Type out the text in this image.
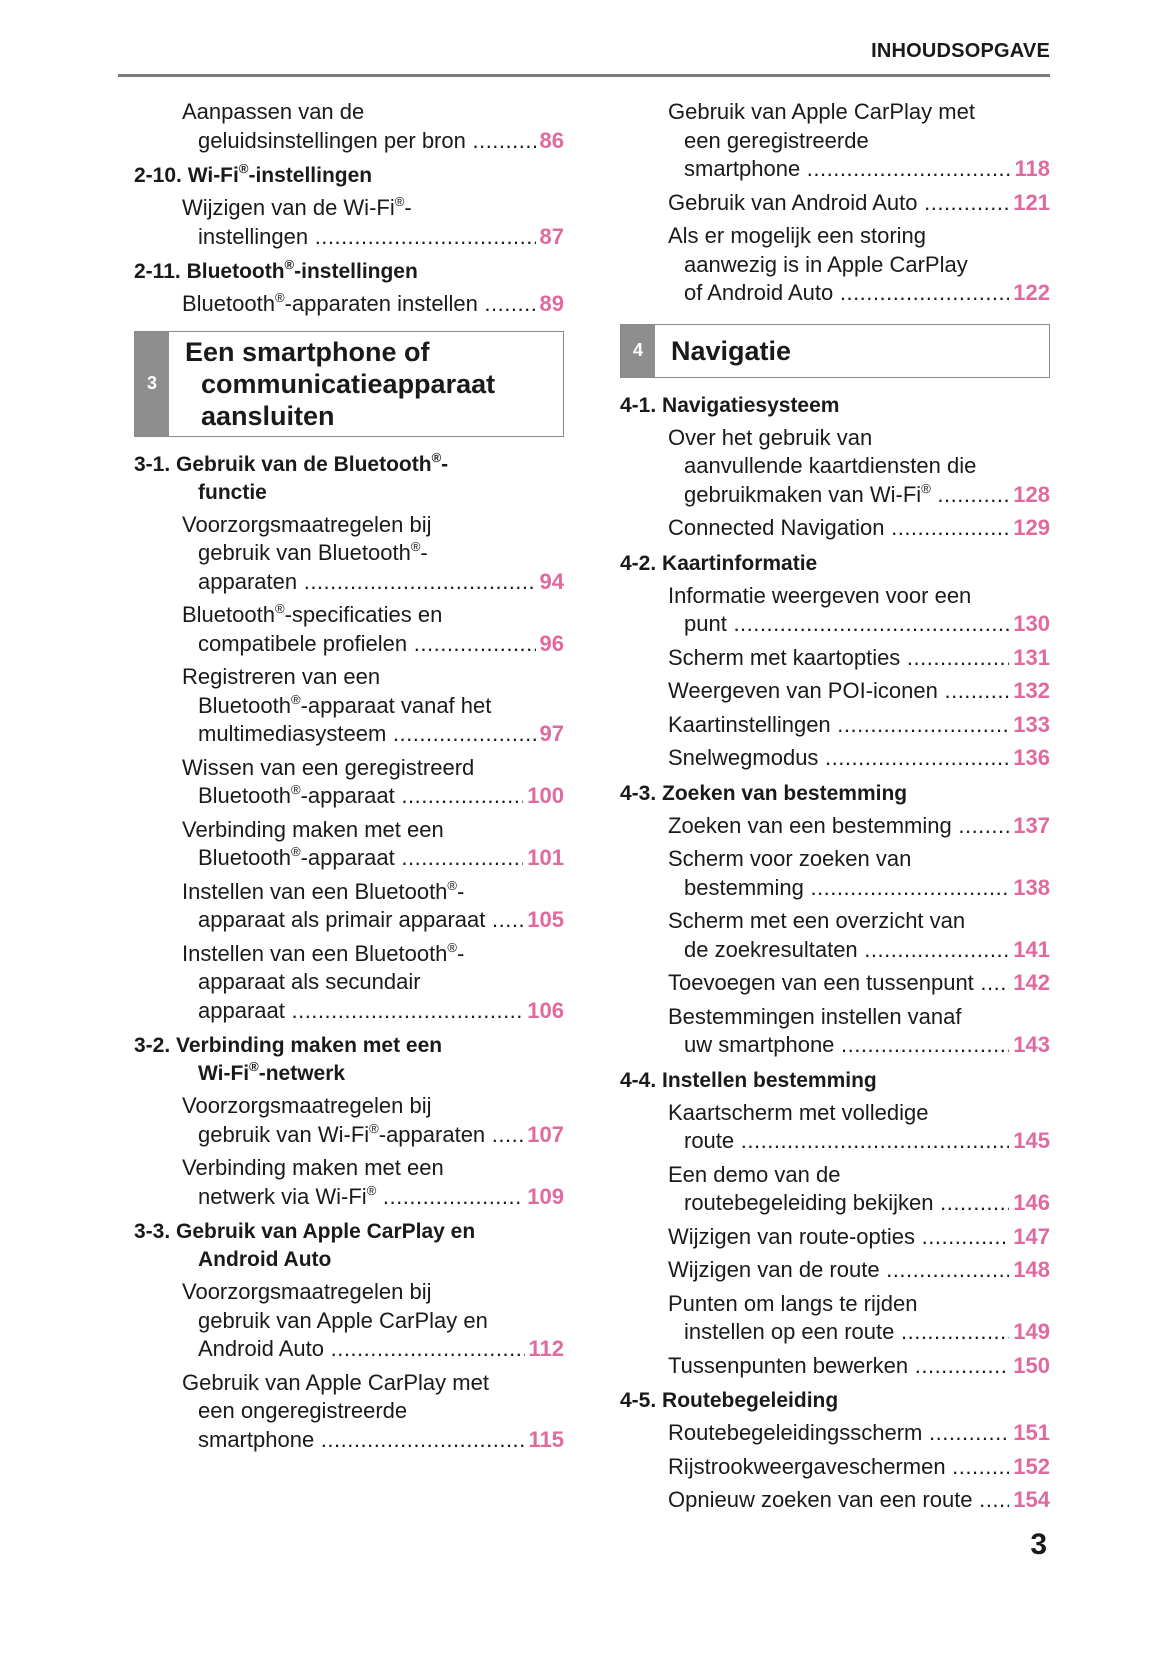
INHOUDSOPGAVE
Aanpassen van de
geluidsinstellingen per bron .....	86
2-10. Wi-Fi®-instellingen
Wijzigen van de Wi-Fi®-
instellingen .....	87
2-11. Bluetooth®-instellingen
Bluetooth®-apparaten instellen .....	89
3
Een smartphone of
communicatieapparaat
aansluiten
3-1. Gebruik van de Bluetooth®-
functie
Voorzorgsmaatregelen bij
gebruik van Bluetooth®-
apparaten .....	94
Bluetooth®-specificaties en
compatibele profielen .....	96
Registreren van een
Bluetooth®-apparaat vanaf het
multimediasysteem .....	97
Wissen van een geregistreerd
Bluetooth®-apparaat .....	100
Verbinding maken met een
Bluetooth®-apparaat .....	101
Instellen van een Bluetooth®-
apparaat als primair apparaat .....	105
Instellen van een Bluetooth®-
apparaat als secundair
apparaat .....	106
3-2. Verbinding maken met een
Wi-Fi®-netwerk
Voorzorgsmaatregelen bij
gebruik van Wi-Fi®-apparaten .....	107
Verbinding maken met een
netwerk via Wi-Fi® .....	109
3-3. Gebruik van Apple CarPlay en
Android Auto
Voorzorgsmaatregelen bij
gebruik van Apple CarPlay en
Android Auto .....	112
Gebruik van Apple CarPlay met
een ongeregistreerde
smartphone .....	115
Gebruik van Apple CarPlay met
een geregistreerde
smartphone .....	118
Gebruik van Android Auto .....	121
Als er mogelijk een storing
aanwezig is in Apple CarPlay
of Android Auto .....	122
4	Navigatie
4-1. Navigatiesysteem
Over het gebruik van
aanvullende kaartdiensten die
gebruikmaken van Wi-Fi® .....	128
Connected Navigation .....	129
4-2. Kaartinformatie
Informatie weergeven voor een
punt .....	130
Scherm met kaartopties .....	131
Weergeven van POI-iconen .....	132
Kaartinstellingen .....	133
Snelwegmodus .....	136
4-3. Zoeken van bestemming
Zoeken van een bestemming .....	137
Scherm voor zoeken van
bestemming .....	138
Scherm met een overzicht van
de zoekresultaten .....	141
Toevoegen van een tussenpunt .....	142
Bestemmingen instellen vanaf
uw smartphone .....	143
4-4. Instellen bestemming
Kaartscherm met volledige
route .....	145
Een demo van de
routebegeleiding bekijken .....	146
Wijzigen van route-opties .....	147
Wijzigen van de route .....	148
Punten om langs te rijden
instellen op een route .....	149
Tussenpunten bewerken .....	150
4-5. Routebegeleiding
Routebegeleidingsscherm .....	151
Rijstrookweergaveschermen .....	152
Opnieuw zoeken van een route .....	154
3
